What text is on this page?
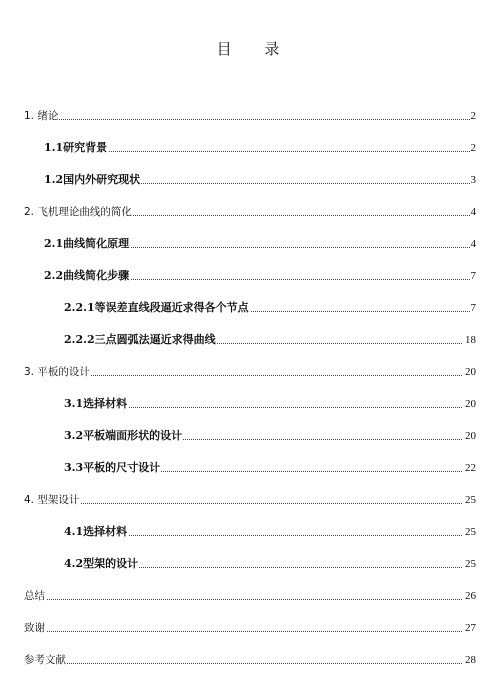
目 录
1. 绪论	2
1.1研究背景	2
1.2国内外研究现状	3
2. 飞机理论曲线的简化	4
2.1曲线简化原理	4
2.2曲线简化步骤	7
2.2.1等误差直线段逼近求得各个节点	7
2.2.2三点圆弧法逼近求得曲线	18
3. 平板的设计	20
3.1选择材料	20
3.2平板端面形状的设计	20
3.3平板的尺寸设计	22
4. 型架设计	25
4.1选择材料	25
4.2型架的设计	25
总结	26
致谢	27
参考文献	28
